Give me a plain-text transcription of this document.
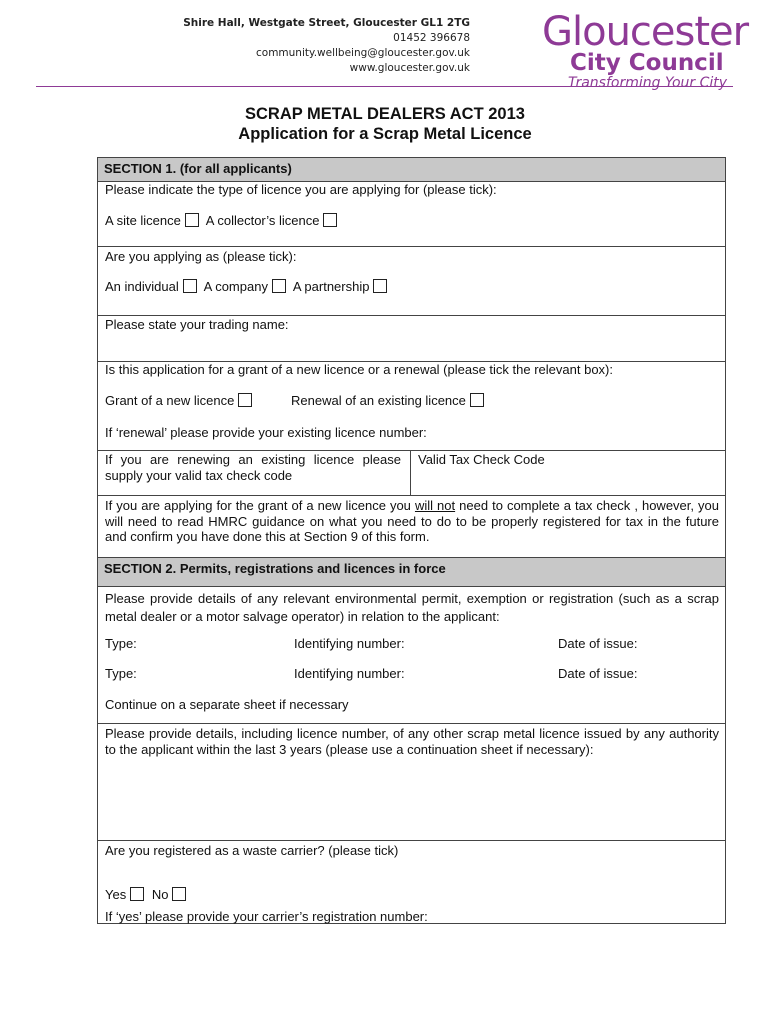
Shire Hall, Westgate Street, Gloucester GL1 2TG
01452 396678
community.wellbeing@gloucester.gov.uk
www.gloucester.gov.uk
Gloucester
City Council
Transforming Your City
SCRAP METAL DEALERS ACT 2013
Application for a Scrap Metal Licence
SECTION 1. (for all applicants)
Please indicate the type of licence you are applying for (please tick):
A site licence A collector’s licence
Are you applying as (please tick):
An individual A company A partnership
Please state your trading name:
Is this application for a grant of a new licence or a renewal (please tick the relevant box):
Grant of a new licence	Renewal of an existing licence
If ‘renewal’ please provide your existing licence number:
If you are renewing an existing licence please supply your valid tax check code
Valid Tax Check Code
If you are applying for the grant of a new licence you will not need to complete a tax check , however, you will need to read HMRC guidance on what you need to do to be properly registered for tax in the future and confirm you have done this at Section 9 of this form.
SECTION 2. Permits, registrations and licences in force
Please provide details of any relevant environmental permit, exemption or registration (such as a scrap metal dealer or a motor salvage operator) in relation to the applicant:
Type:	Identifying number:	Date of issue:
Type:	Identifying number:	Date of issue:
Continue on a separate sheet if necessary
Please provide details, including licence number, of any other scrap metal licence issued by any authority to the applicant within the last 3 years (please use a continuation sheet if necessary):
Are you registered as a waste carrier? (please tick)
Yes No
If ‘yes’ please provide your carrier’s registration number:
